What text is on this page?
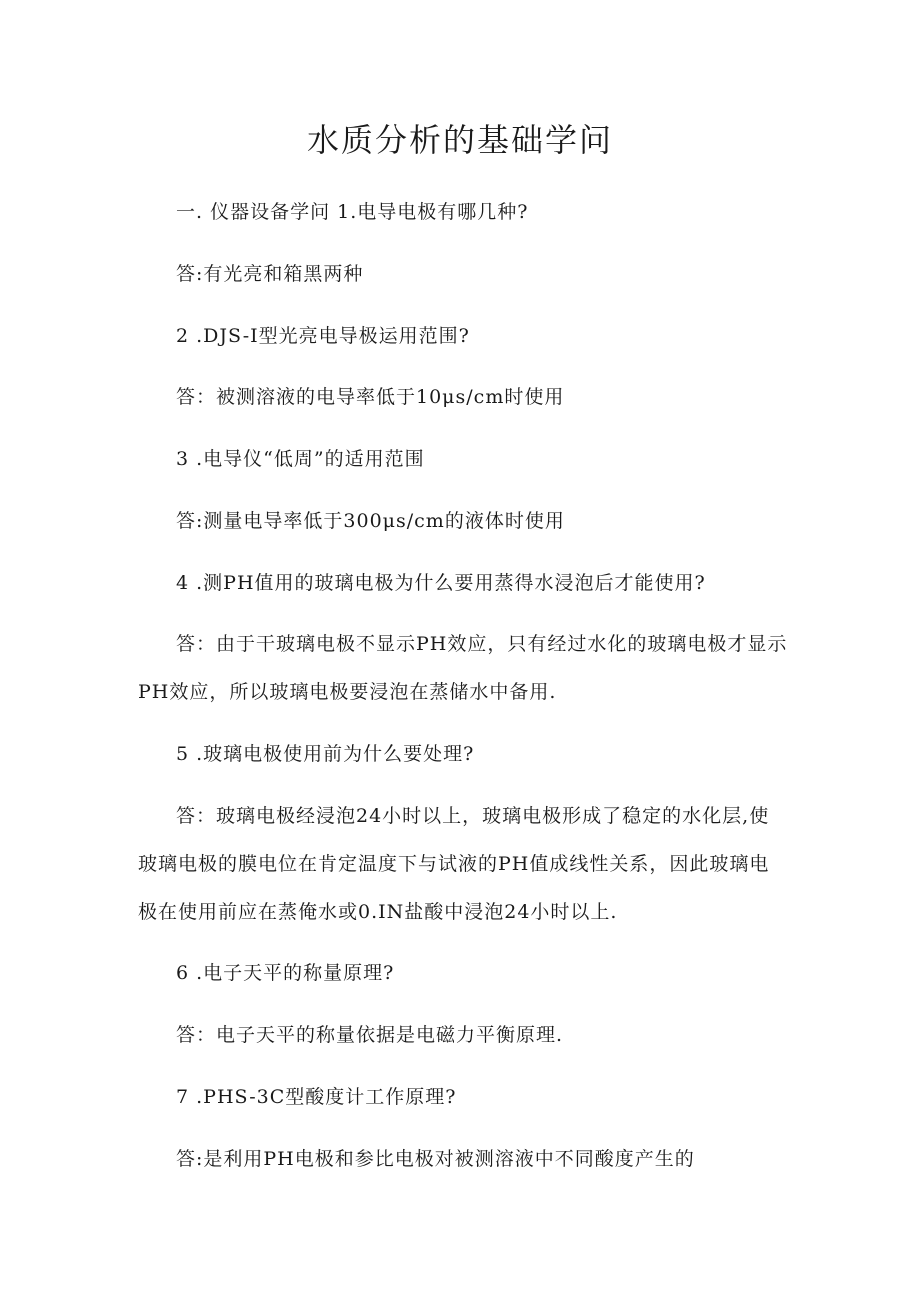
水质分析的基础学问

一. 仪器设备学问 1.电导电极有哪几种?

答:有光亮和箱黑两种

2 .DJS-I型光亮电导极运用范围?

答：被测溶液的电导率低于10μs/cm时使用

3 .电导仪“低周”的适用范围

答:测量电导率低于300μs/cm的液体时使用

4 .测PH值用的玻璃电极为什么要用蒸得水浸泡后才能使用?

答：由于干玻璃电极不显示PH效应，只有经过水化的玻璃电极才显示PH效应，所以玻璃电极要浸泡在蒸储水中备用.

5 .玻璃电极使用前为什么要处理?

答：玻璃电极经浸泡24小时以上，玻璃电极形成了稳定的水化层,使玻璃电极的膜电位在肯定温度下与试液的PH值成线性关系，因此玻璃电极在使用前应在蒸俺水或0.IN盐酸中浸泡24小时以上.

6 .电子天平的称量原理?

答：电子天平的称量依据是电磁力平衡原理.

7 .PHS-3C型酸度计工作原理?

答:是利用PH电极和参比电极对被测溶液中不同酸度产生的
